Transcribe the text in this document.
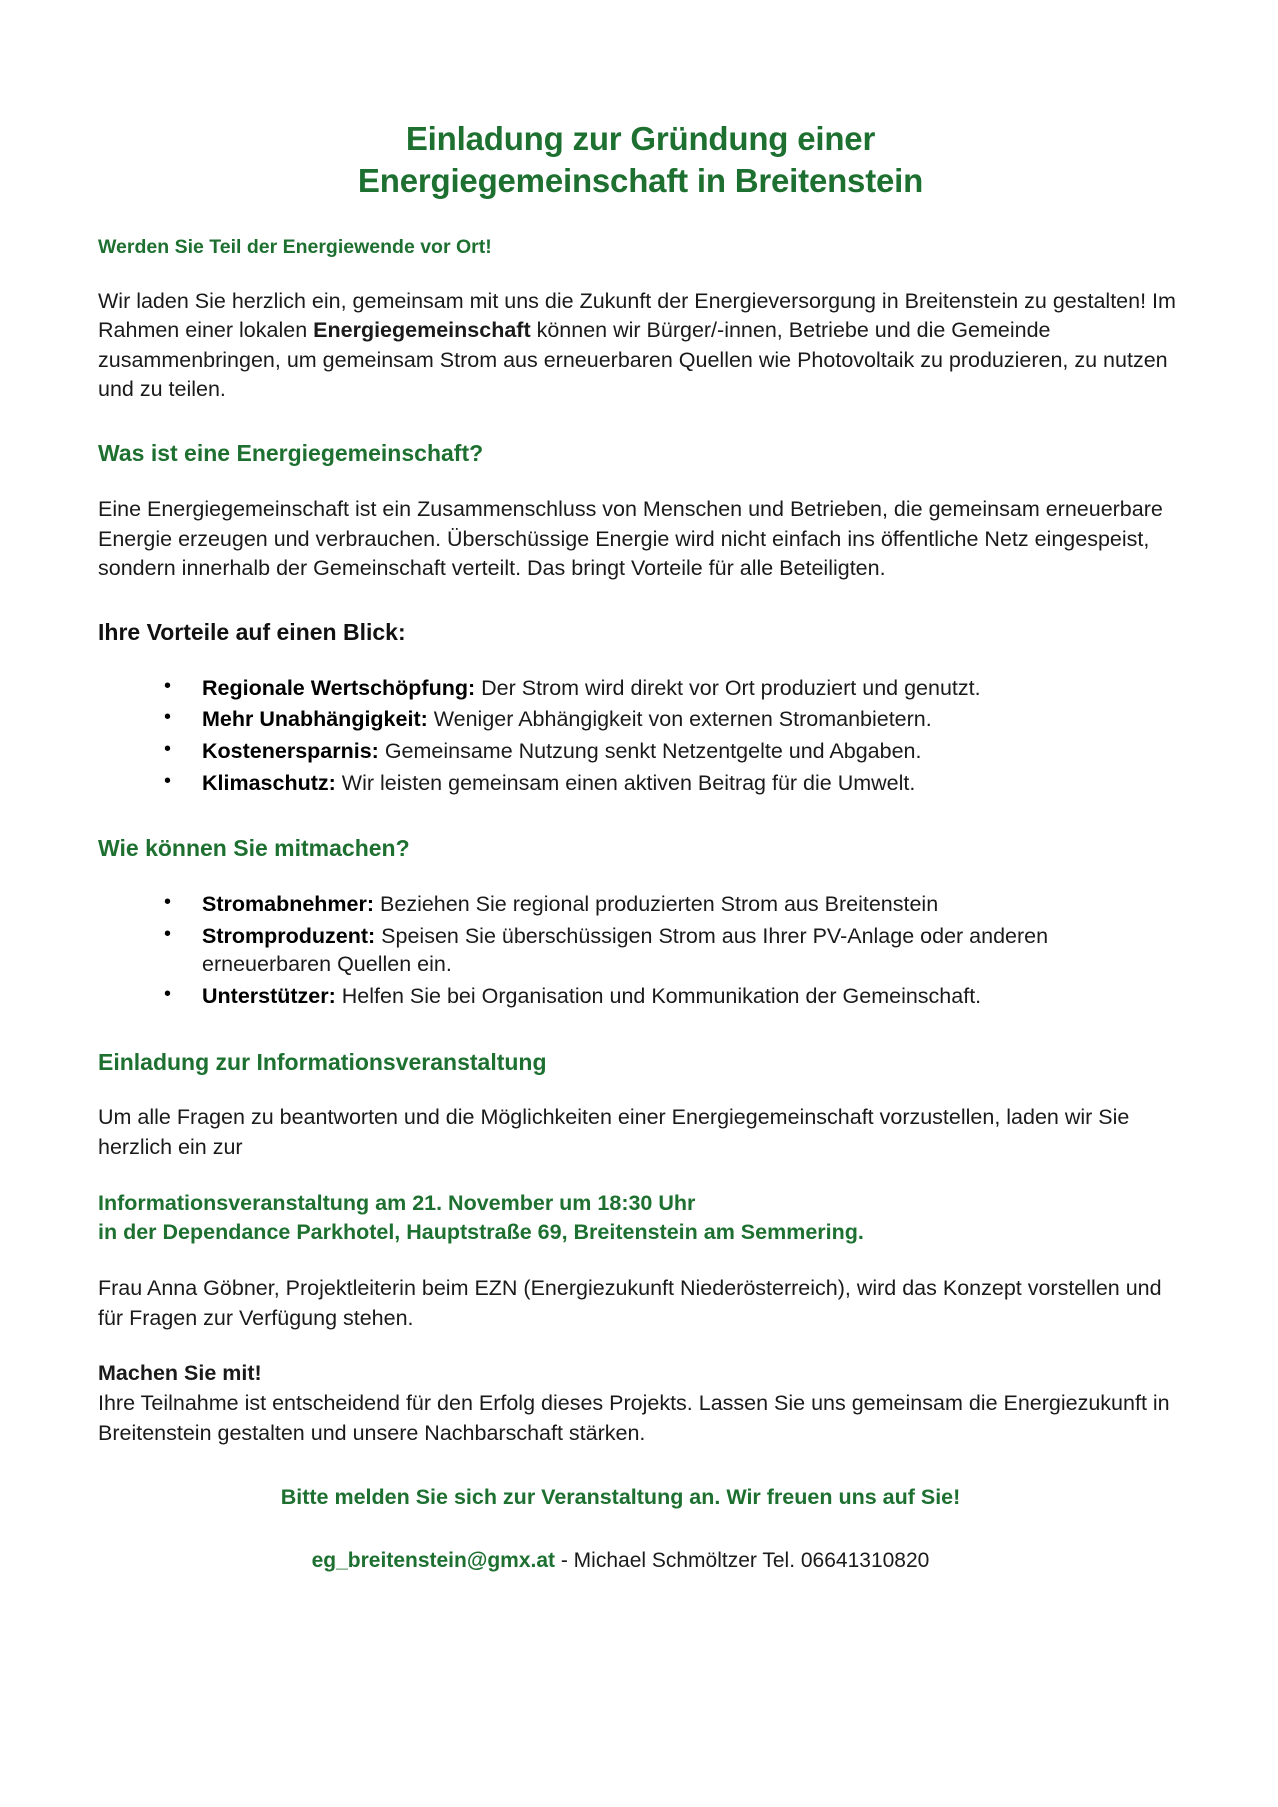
Einladung zur Gründung einer
Energiegemeinschaft in Breitenstein
Werden Sie Teil der Energiewende vor Ort!

Wir laden Sie herzlich ein, gemeinsam mit uns die Zukunft der Energieversorgung in Breitenstein zu gestalten! Im Rahmen einer lokalen Energiegemeinschaft können wir Bürger/-innen, Betriebe und die Gemeinde zusammenbringen, um gemeinsam Strom aus erneuerbaren Quellen wie Photovoltaik zu produzieren, zu nutzen und zu teilen.

Was ist eine Energiegemeinschaft?

Eine Energiegemeinschaft ist ein Zusammenschluss von Menschen und Betrieben, die gemeinsam erneuerbare Energie erzeugen und verbrauchen. Überschüssige Energie wird nicht einfach ins öffentliche Netz eingespeist, sondern innerhalb der Gemeinschaft verteilt. Das bringt Vorteile für alle Beteiligten.

Ihre Vorteile auf einen Blick:
• Regionale Wertschöpfung: Der Strom wird direkt vor Ort produziert und genutzt.
• Mehr Unabhängigkeit: Weniger Abhängigkeit von externen Stromanbietern.
• Kostenersparnis: Gemeinsame Nutzung senkt Netzentgelte und Abgaben.
• Klimaschutz: Wir leisten gemeinsam einen aktiven Beitrag für die Umwelt.
Wie können Sie mitmachen?
• Stromabnehmer: Beziehen Sie regional produzierten Strom aus Breitenstein
• Stromproduzent: Speisen Sie überschüssigen Strom aus Ihrer PV-Anlage oder anderen erneuerbaren Quellen ein.
• Unterstützer: Helfen Sie bei Organisation und Kommunikation der Gemeinschaft.
Einladung zur Informationsveranstaltung

Um alle Fragen zu beantworten und die Möglichkeiten einer Energiegemeinschaft vorzustellen, laden wir Sie herzlich ein zur

Informationsveranstaltung am 21. November um 18:30 Uhr
in der Dependance Parkhotel, Hauptstraße 69, Breitenstein am Semmering.

Frau Anna Göbner, Projektleiterin beim EZN (Energiezukunft Niederösterreich), wird das Konzept vorstellen und für Fragen zur Verfügung stehen.

Machen Sie mit!

Ihre Teilnahme ist entscheidend für den Erfolg dieses Projekts. Lassen Sie uns gemeinsam die Energiezukunft in Breitenstein gestalten und unsere Nachbarschaft stärken.

Bitte melden Sie sich zur Veranstaltung an. Wir freuen uns auf Sie!
eg_breitenstein@gmx.at - Michael Schmöltzer Tel. 06641310820
